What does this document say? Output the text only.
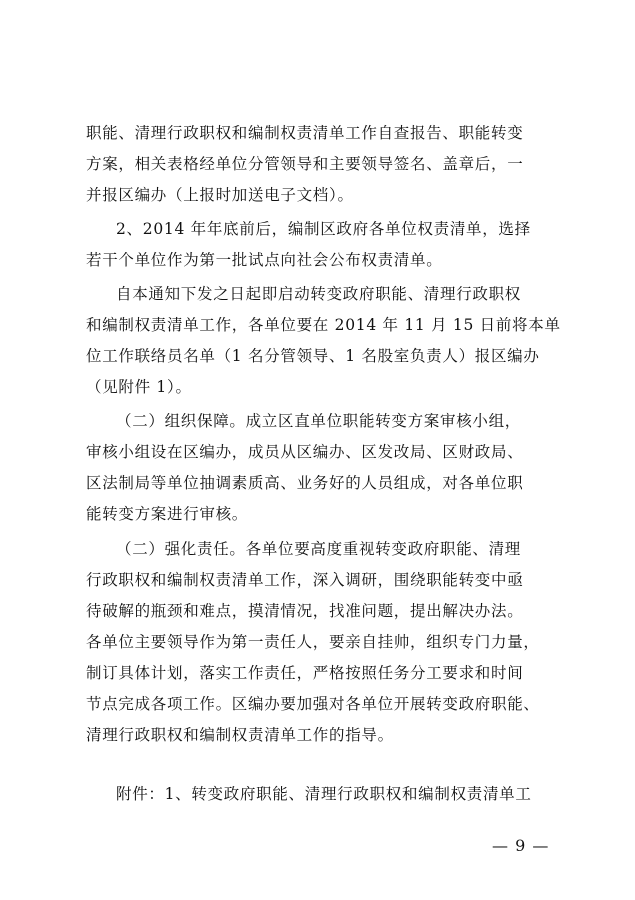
职能、清理行政职权和编制权责清单工作自查报告、职能转变
方案，相关表格经单位分管领导和主要领导签名、盖章后，一
并报区编办（上报时加送电子文档）。
2、2014 年年底前后，编制区政府各单位权责清单，选择
若干个单位作为第一批试点向社会公布权责清单。
自本通知下发之日起即启动转变政府职能、清理行政职权
和编制权责清单工作，各单位要在 2014 年 11 月 15 日前将本单
位工作联络员名单（1 名分管领导、1 名股室负责人）报区编办
（见附件 1）。
（二）组织保障。成立区直单位职能转变方案审核小组，
审核小组设在区编办，成员从区编办、区发改局、区财政局、
区法制局等单位抽调素质高、业务好的人员组成，对各单位职
能转变方案进行审核。
（二）强化责任。各单位要高度重视转变政府职能、清理
行政职权和编制权责清单工作，深入调研，围绕职能转变中亟
待破解的瓶颈和难点，摸清情况，找准问题，提出解决办法。
各单位主要领导作为第一责任人，要亲自挂帅，组织专门力量，
制订具体计划，落实工作责任，严格按照任务分工要求和时间
节点完成各项工作。区编办要加强对各单位开展转变政府职能、
清理行政职权和编制权责清单工作的指导。
附件：1、转变政府职能、清理行政职权和编制权责清单工
— 9 —
